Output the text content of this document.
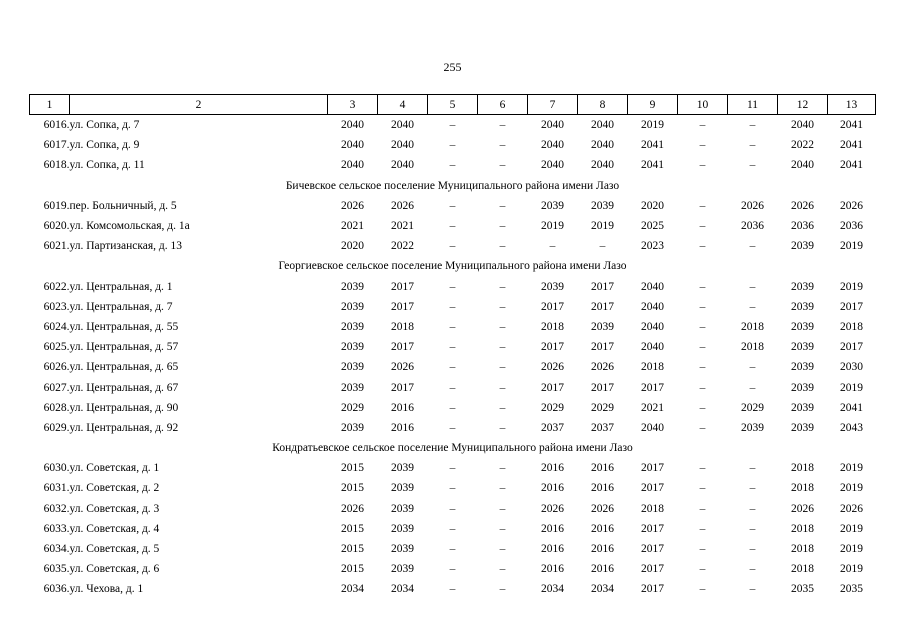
255
1	2	3	4	5	6	7	8	9	10	11	12	13
6016.	ул. Сопка, д. 7	2040	2040	–	–	2040	2040	2019	–	–	2040	2041
6017.	ул. Сопка, д. 9	2040	2040	–	–	2040	2040	2041	–	–	2022	2041
6018.	ул. Сопка, д. 11	2040	2040	–	–	2040	2040	2041	–	–	2040	2041
Бичевское сельское поселение Муниципального района имени Лазо												
6019.	пер. Больничный, д. 5	2026	2026	–	–	2039	2039	2020	–	2026	2026	2026
6020.	ул. Комсомольская, д. 1а	2021	2021	–	–	2019	2019	2025	–	2036	2036	2036
6021.	ул. Партизанская, д. 13	2020	2022	–	–	–	–	2023	–	–	2039	2019
Георгиевское сельское поселение Муниципального района имени Лазо												
6022.	ул. Центральная, д. 1	2039	2017	–	–	2039	2017	2040	–	–	2039	2019
6023.	ул. Центральная, д. 7	2039	2017	–	–	2017	2017	2040	–	–	2039	2017
6024.	ул. Центральная, д. 55	2039	2018	–	–	2018	2039	2040	–	2018	2039	2018
6025.	ул. Центральная, д. 57	2039	2017	–	–	2017	2017	2040	–	2018	2039	2017
6026.	ул. Центральная, д. 65	2039	2026	–	–	2026	2026	2018	–	–	2039	2030
6027.	ул. Центральная, д. 67	2039	2017	–	–	2017	2017	2017	–	–	2039	2019
6028.	ул. Центральная, д. 90	2029	2016	–	–	2029	2029	2021	–	2029	2039	2041
6029.	ул. Центральная, д. 92	2039	2016	–	–	2037	2037	2040	–	2039	2039	2043
Кондратьевское сельское поселение Муниципального района имени Лазо												
6030.	ул. Советская, д. 1	2015	2039	–	–	2016	2016	2017	–	–	2018	2019
6031.	ул. Советская, д. 2	2015	2039	–	–	2016	2016	2017	–	–	2018	2019
6032.	ул. Советская, д. 3	2026	2039	–	–	2026	2026	2018	–	–	2026	2026
6033.	ул. Советская, д. 4	2015	2039	–	–	2016	2016	2017	–	–	2018	2019
6034.	ул. Советская, д. 5	2015	2039	–	–	2016	2016	2017	–	–	2018	2019
6035.	ул. Советская, д. 6	2015	2039	–	–	2016	2016	2017	–	–	2018	2019
6036.	ул. Чехова, д. 1	2034	2034	–	–	2034	2034	2017	–	–	2035	2035
